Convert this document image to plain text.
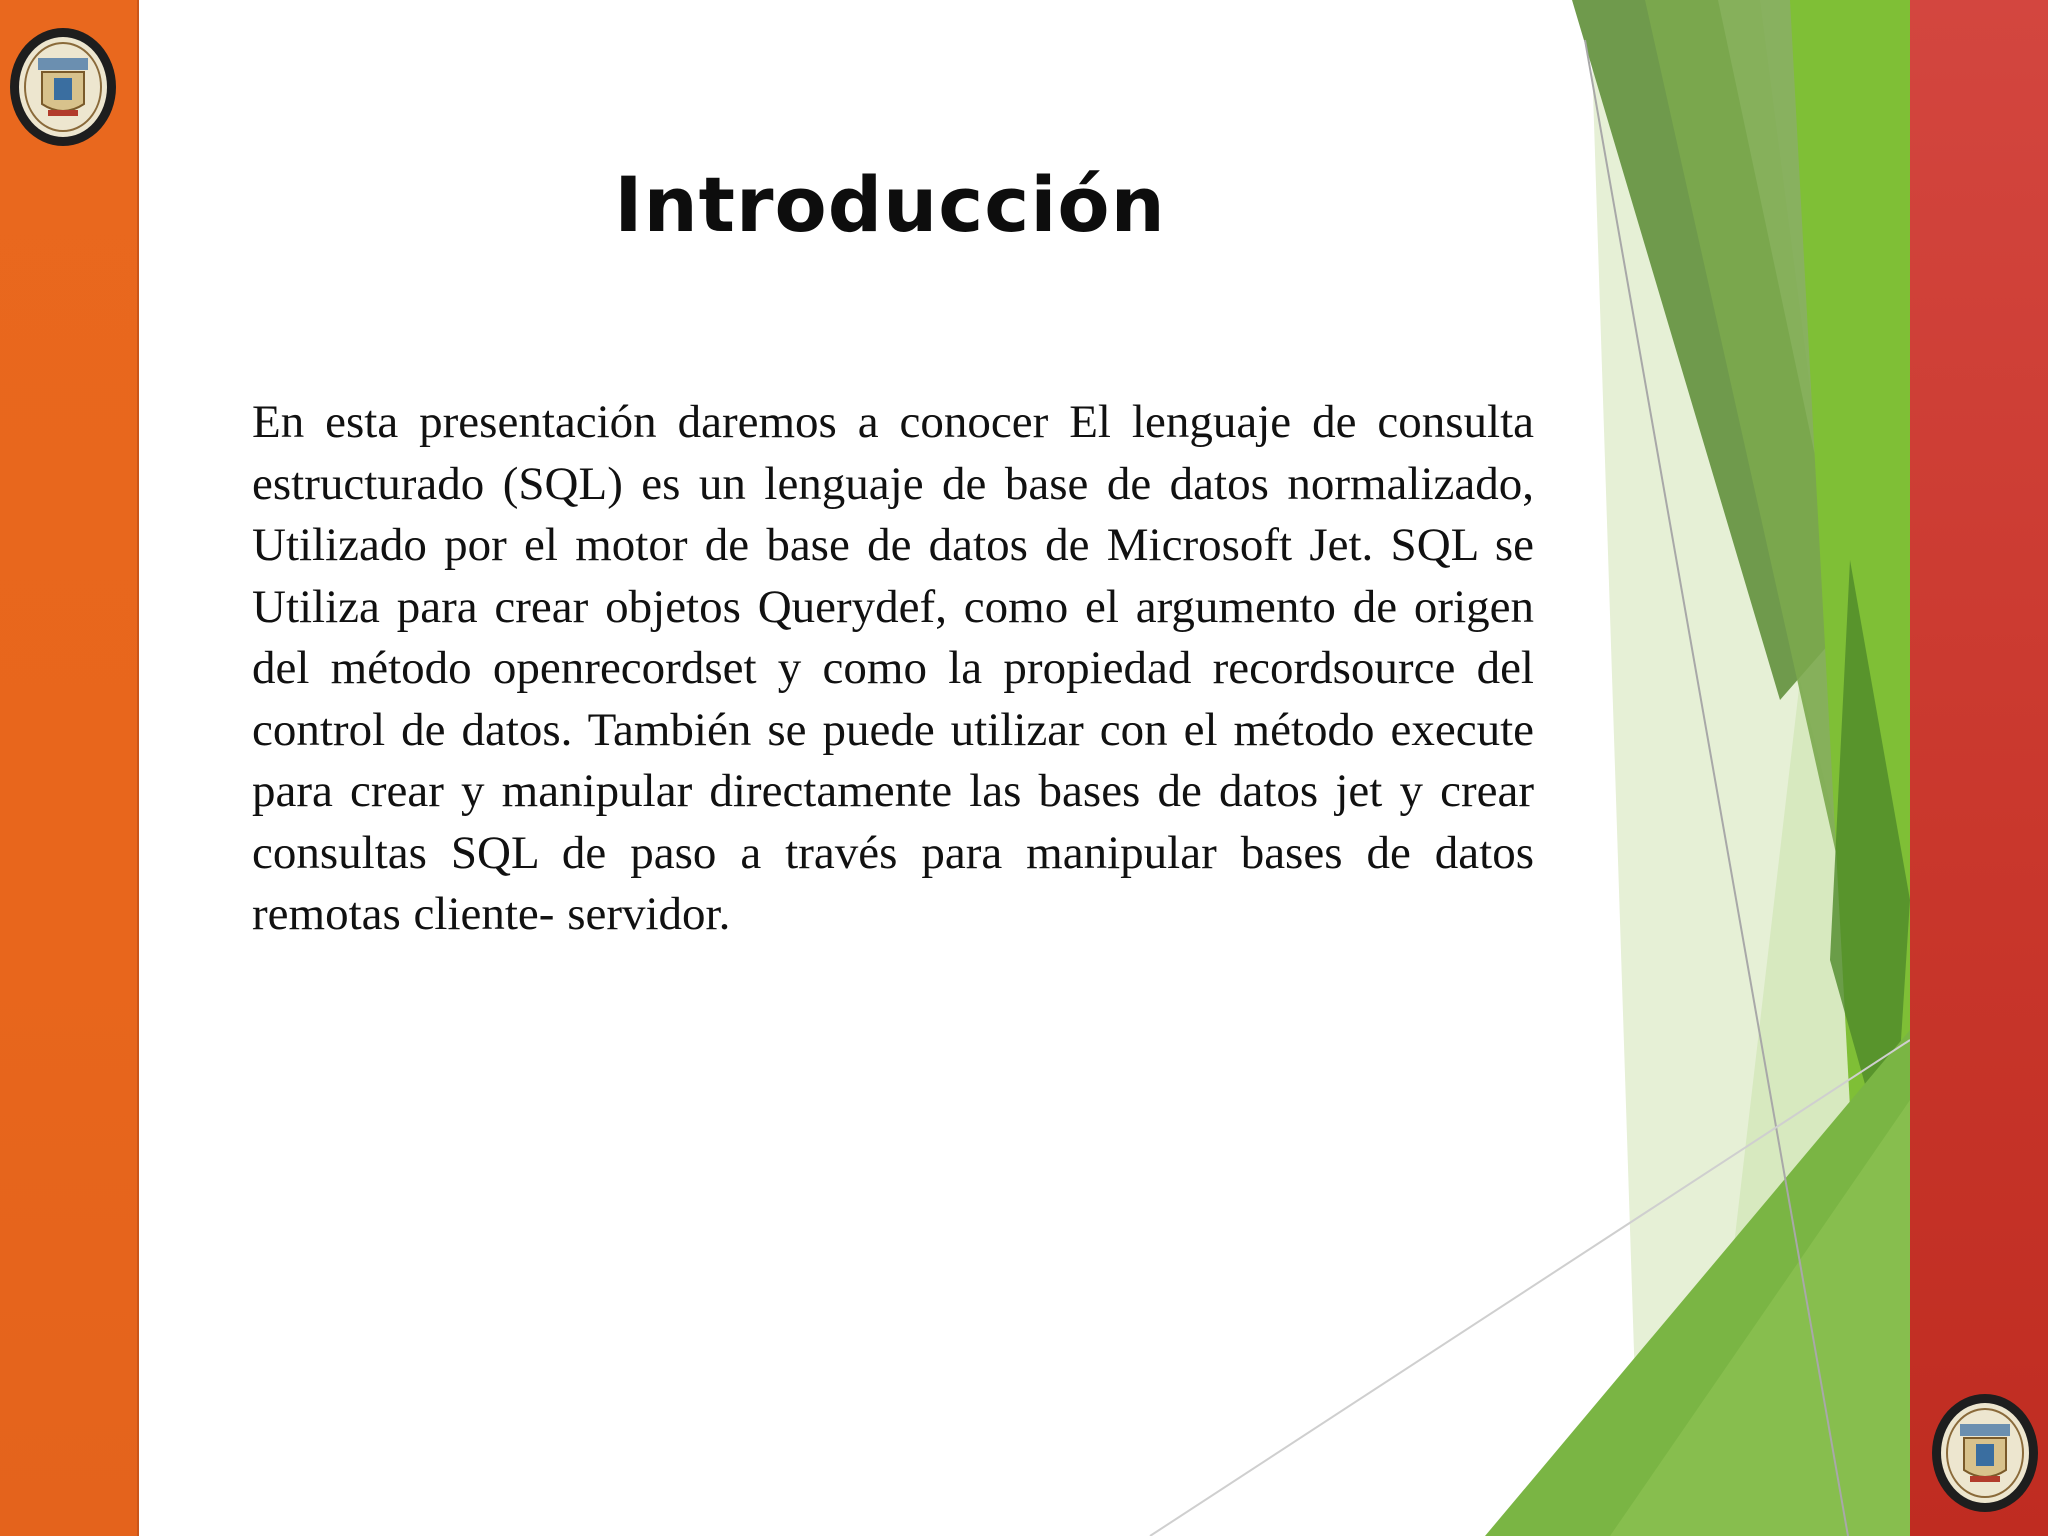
Introducción

En esta presentación daremos a conocer El lenguaje de consulta estructurado (SQL) es un lenguaje de base de datos normalizado, Utilizado por el motor de base de datos de Microsoft Jet. SQL se Utiliza para crear objetos Querydef, como el argumento de origen del método openrecordset y como la propiedad recordsource del control de datos. También se puede utilizar con el método execute para crear y manipular directamente las bases de datos jet y crear consultas SQL de paso a través para manipular bases de datos remotas cliente- servidor.
